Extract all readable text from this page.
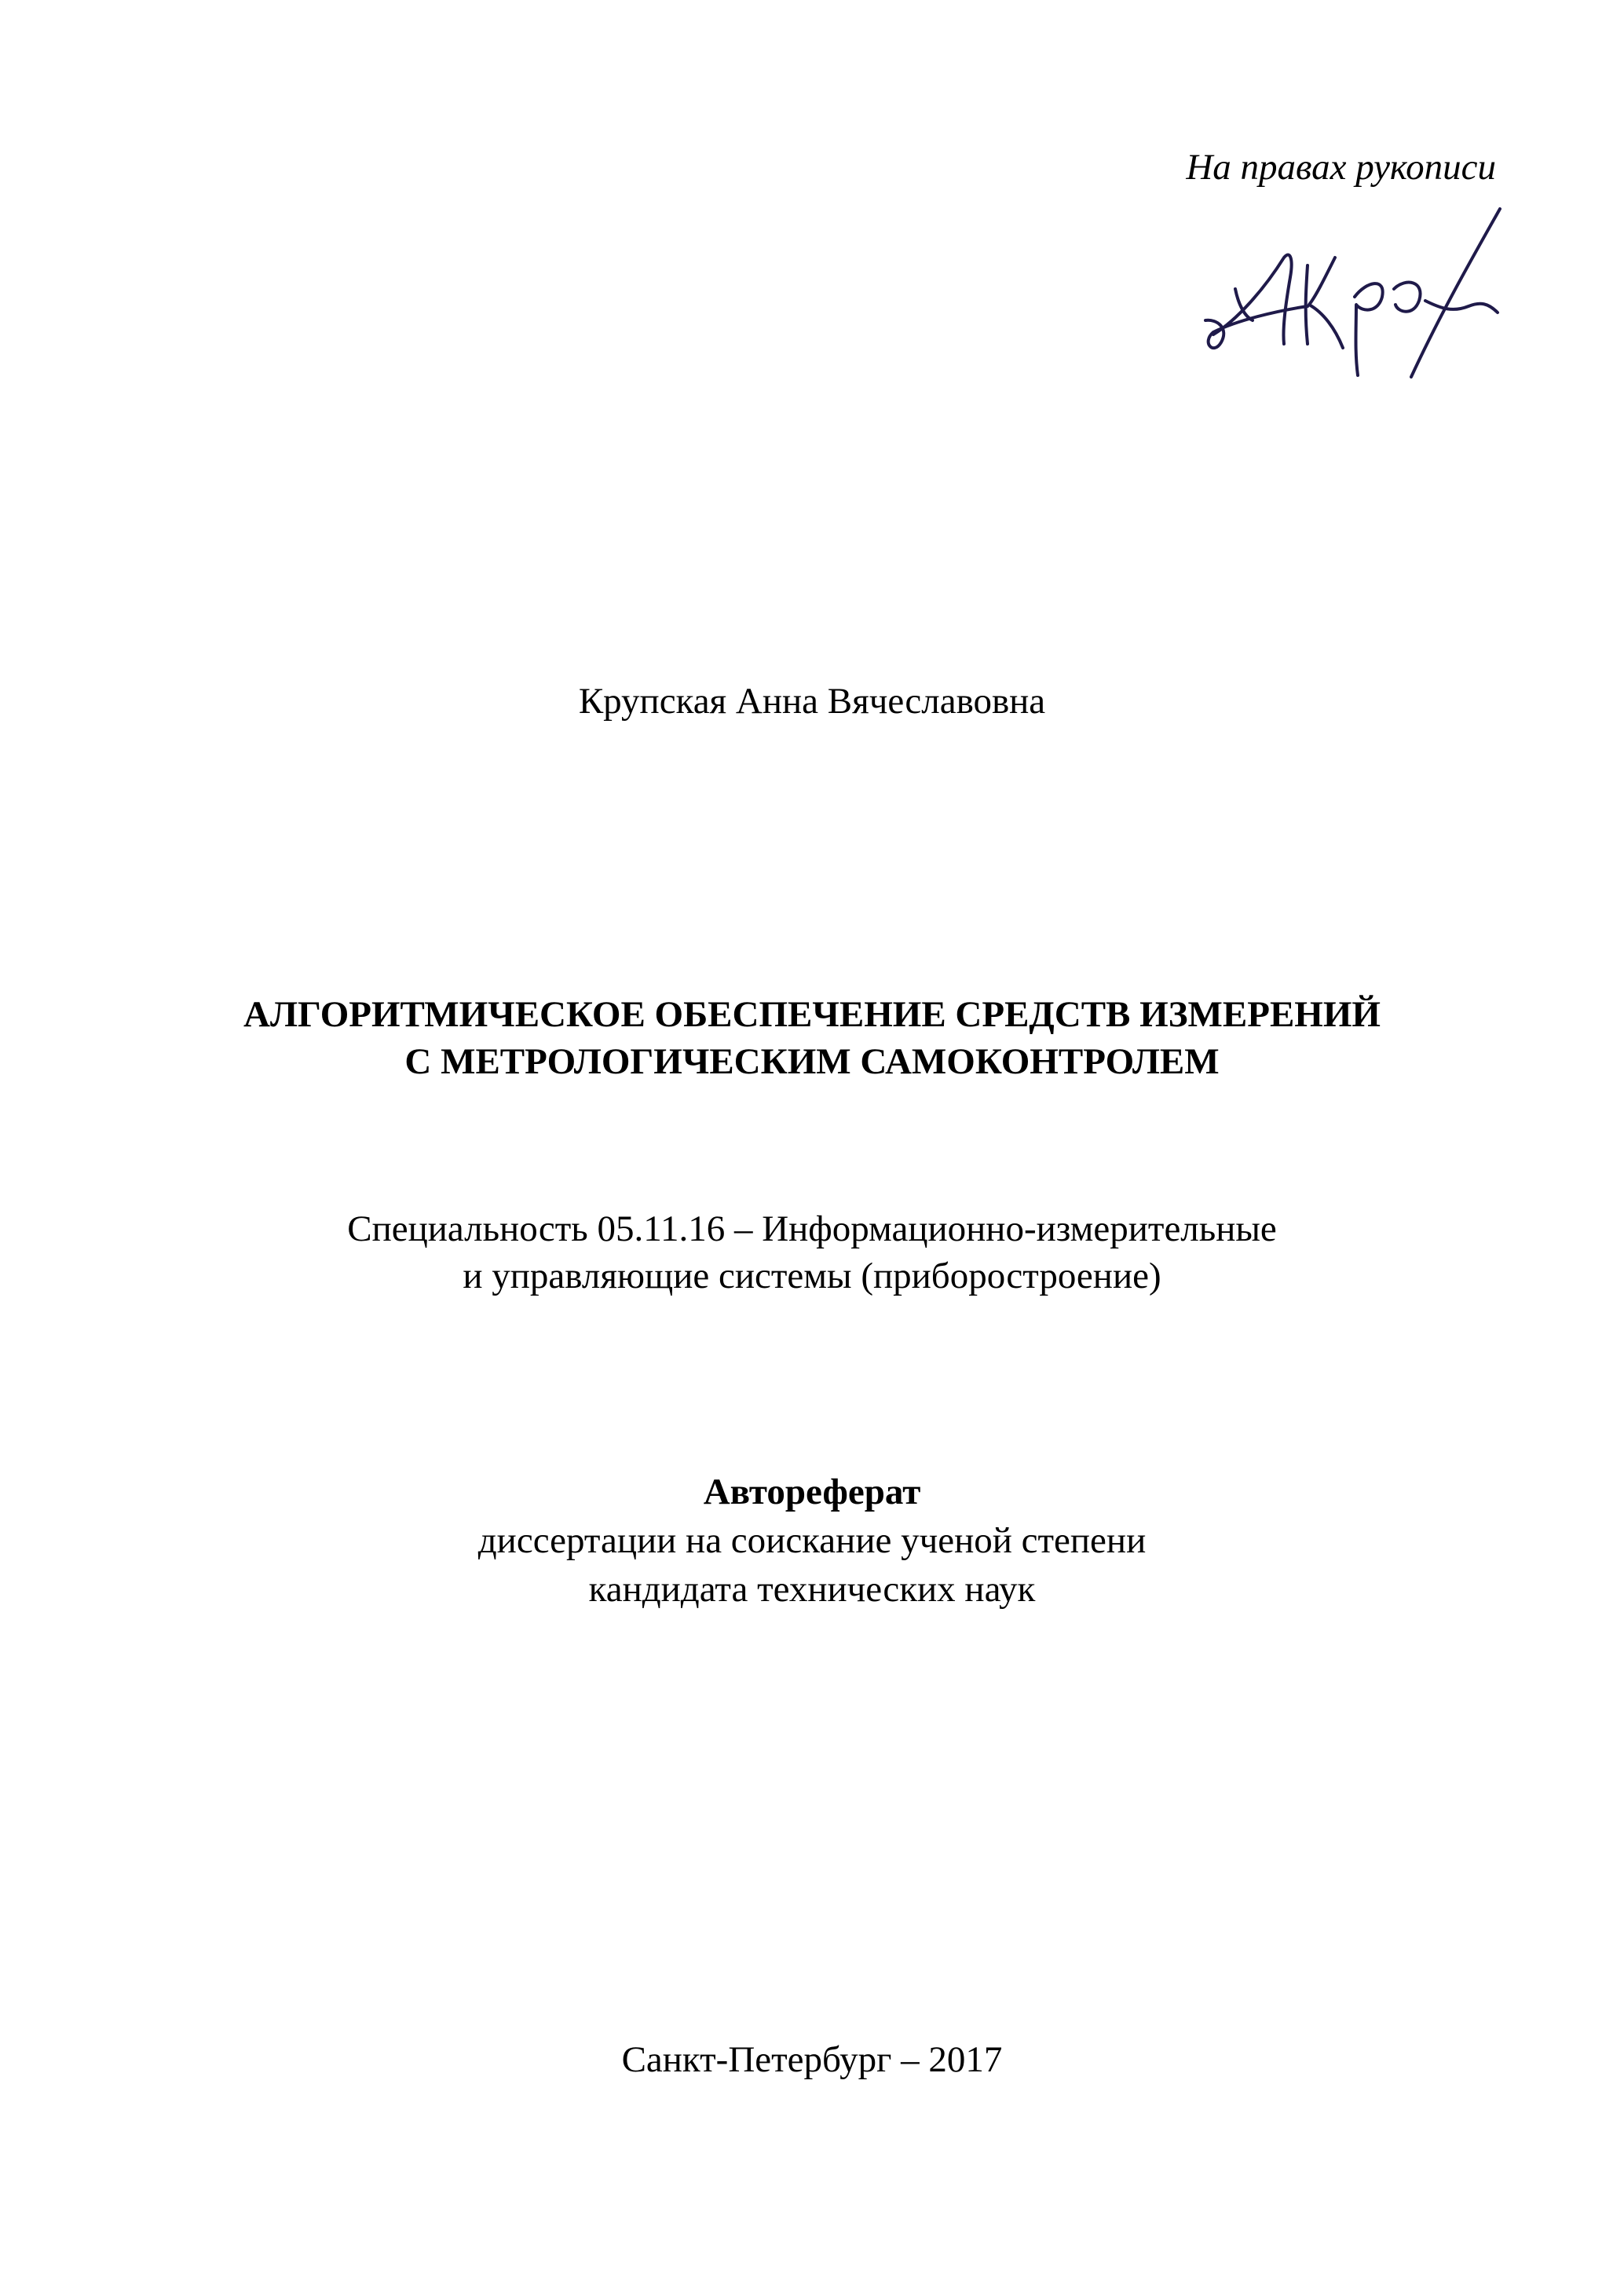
На правах рукописи
Крупская Анна Вячеславовна
АЛГОРИТМИЧЕСКОЕ ОБЕСПЕЧЕНИЕ СРЕДСТВ ИЗМЕРЕНИЙ
С МЕТРОЛОГИЧЕСКИМ САМОКОНТРОЛЕМ
Специальность 05.11.16 – Информационно-измерительные
и управляющие системы (приборостроение)
Автореферат
диссертации на соискание ученой степени
кандидата технических наук
Санкт-Петербург – 2017
